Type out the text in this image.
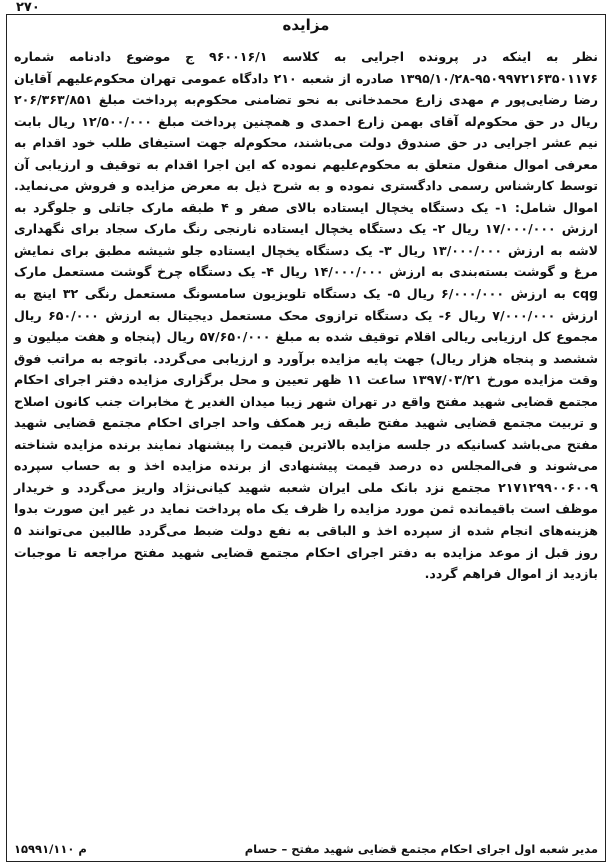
۲۷۰
مزایده
نظر به اینکه در پرونده اجرایی به کلاسه ۹۶۰۰۱۶/۱ ج موضوع دادنامه شماره ۹۵۰۹۹۷۲۱۶۳۵۰۱۱۷۶-۱۳۹۵/۱۰/۲۸ صادره از شعبه ۲۱۰ دادگاه عمومی تهران محکوم‌علیهم آقایان رضا رضایی‌پور م مهدی زارع محمدخانی به نحو تضامنی محکوم‌به پرداخت مبلغ ۲۰۶/۳۶۳/۸۵۱ ریال در حق محکوم‌له آقای بهمن زارع احمدی و همچنین پرداخت مبلغ ۱۲/۵۰۰/۰۰۰ ریال بابت نیم عشر اجرایی در حق صندوق دولت می‌باشند، محکوم‌له جهت استیفای طلب خود اقدام به معرفی اموال منقول متعلق به محکوم‌علیهم نموده که این اجرا اقدام به توقیف و ارزیابی آن توسط کارشناس رسمی دادگستری نموده و به شرح ذیل به معرض مزایده و فروش می‌نماید. اموال شامل: ۱- یک دستگاه یخچال ایستاده بالای صفر و ۴ طبقه مارک جاتلی و جلوگرد به ارزش ۱۷/۰۰۰/۰۰۰ ریال ۲- یک دستگاه یخچال ایستاده نارنجی رنگ مارک سجاد برای نگهداری لاشه به ارزش ۱۳/۰۰۰/۰۰۰ ریال ۳- یک دستگاه یخچال ایستاده جلو شیشه مطبق برای نمایش مرغ و گوشت بسته‌بندی به ارزش ۱۴/۰۰۰/۰۰۰ ریال ۴- یک دستگاه چرخ گوشت مستعمل مارک cqg به ارزش ۶/۰۰۰/۰۰۰ ریال ۵- یک دستگاه تلویزیون سامسونگ مستعمل رنگی ۳۲ اینچ به ارزش ۷/۰۰۰/۰۰۰ ریال ۶- یک دستگاه ترازوی محک مستعمل دیجیتال به ارزش ۶۵۰/۰۰۰ ریال مجموع کل ارزیابی ریالی اقلام توقیف شده به مبلغ ۵۷/۶۵۰/۰۰۰ ریال (پنجاه و هفت میلیون و ششصد و پنجاه هزار ریال) جهت پایه مزایده برآورد و ارزیابی می‌گردد. باتوجه به مراتب فوق وقت مزایده مورخ ۱۳۹۷/۰۳/۲۱ ساعت ۱۱ ظهر تعیین و محل برگزاری مزایده دفتر اجرای احکام مجتمع قضایی شهید مفتح واقع در تهران شهر زیبا میدان الغدیر خ مخابرات جنب کانون اصلاح و تربیت مجتمع قضایی شهید مفتح طبقه زیر همکف واحد اجرای احکام مجتمع قضایی شهید مفتح می‌باشد کسانیکه در جلسه مزایده بالاترین قیمت را پیشنهاد نمایند برنده مزایده شناخته می‌شوند و فی‌المجلس ده درصد قیمت پیشنهادی از برنده مزایده اخذ و به حساب سپرده ۲۱۷۱۲۹۹۰۰۶۰۰۹ مجتمع نزد بانک ملی ایران شعبه شهید کیانی‌نژاد واریز می‌گردد و خریدار موظف است باقیمانده ثمن مورد مزایده را ظرف یک ماه پرداخت نماید در غیر این صورت بدوا هزینه‌های انجام شده از سپرده اخذ و الباقی به نفع دولت ضبط می‌گردد طالبین می‌توانند ۵ روز قبل از موعد مزایده به دفتر اجرای احکام مجتمع قضایی شهید مفتح مراجعه تا موجبات بازدید از اموال فراهم گردد.
۱۵۹۹۱/م ۱۱۰	مدیر شعبه اول اجرای احکام مجتمع قضایی شهید مفتح – حسام
